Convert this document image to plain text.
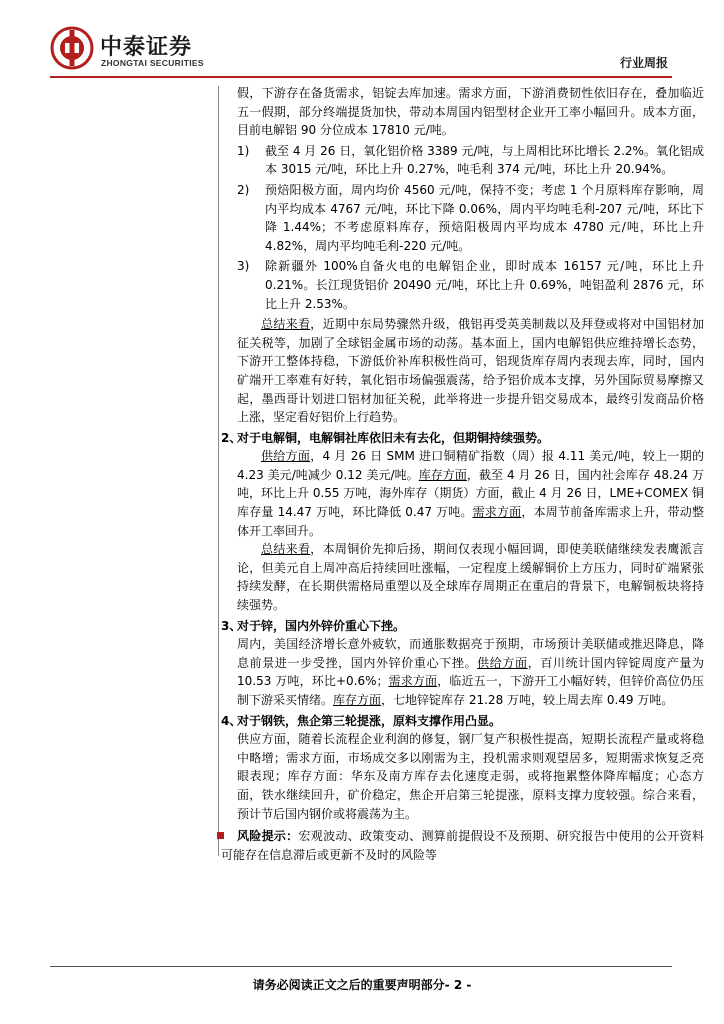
中泰证券
ZHONGTAI SECURITIES	行业周报

假，下游存在备货需求，铝锭去库加速。需求方面，下游消费韧性依旧存在，叠加临近五一假期，部分终端提货加快，带动本周国内铝型材企业开工率小幅回升。成本方面，目前电解铝 90 分位成本 17810 元/吨。

1) 截至 4 月 26 日，氧化铝价格 3389 元/吨，与上周相比环比增长 2.2%。氧化铝成本 3015 元/吨，环比上升 0.27%，吨毛利 374 元/吨，环比上升 20.94%。
2) 预焙阳极方面，周内均价 4560 元/吨，保持不变；考虑 1 个月原料库存影响，周内平均成本 4767 元/吨，环比下降 0.06%，周内平均吨毛利-207 元/吨，环比下降 1.44%；不考虑原料库存，预焙阳极周内平均成本 4780 元/吨，环比上升 4.82%，周内平均吨毛利-220 元/吨。
3) 除新疆外 100%自备火电的电解铝企业，即时成本 16157 元/吨，环比上升 0.21%。长江现货铝价 20490 元/吨，环比上升 0.69%，吨铝盈利 2876 元，环比上升 2.53%。

总结来看，近期中东局势骤然升级，俄铝再受英美制裁以及拜登或将对中国铝材加征关税等，加剧了全球铝金属市场的动荡。基本面上，国内电解铝供应维持增长态势，下游开工整体持稳，下游低价补库积极性尚可，铝现货库存周内表现去库，同时，国内矿端开工率难有好转，氧化铝市场偏强震荡，给予铝价成本支撑，另外国际贸易摩擦又起，墨西哥计划进口铝材加征关税，此举将进一步提升铝交易成本，最终引发商品价格上涨，坚定看好铝价上行趋势。

2、对于电解铜，电解铜社库依旧未有去化，但期铜持续强势。

供给方面，4 月 26 日 SMM 进口铜精矿指数（周）报 4.11 美元/吨，较上一期的 4.23 美元/吨减少 0.12 美元/吨。库存方面，截至 4 月 26 日，国内社会库存 48.24 万吨，环比上升 0.55 万吨，海外库存（期货）方面，截止 4 月 26 日，LME+COMEX 铜库存量 14.47 万吨，环比降低 0.47 万吨。需求方面，本周节前备库需求上升，带动整体开工率回升。

总结来看，本周铜价先抑后扬，期间仅表现小幅回调，即使美联储继续发表鹰派言论，但美元自上周冲高后持续回吐涨幅，一定程度上缓解铜价上方压力，同时矿端紧张持续发酵，在长期供需格局重塑以及全球库存周期正在重启的背景下，电解铜板块将持续强势。

3、对于锌，国内外锌价重心下挫。

周内，美国经济增长意外疲软，而通胀数据亮于预期，市场预计美联储或推迟降息，降息前景进一步受挫，国内外锌价重心下挫。供给方面，百川统计国内锌锭周度产量为 10.53 万吨，环比+0.6%；需求方面，临近五一，下游开工小幅好转，但锌价高位仍压制下游采买情绪。库存方面，七地锌锭库存 21.28 万吨，较上周去库 0.49 万吨。

4、对于钢铁，焦企第三轮提涨，原料支撑作用凸显。

供应方面，随着长流程企业利润的修复，钢厂复产积极性提高，短期长流程产量或将稳中略增；需求方面，市场成交多以刚需为主，投机需求则观望居多，短期需求恢复乏亮眼表现；库存方面：华东及南方库存去化速度走弱，或将拖累整体降库幅度；心态方面，铁水继续回升，矿价稳定，焦企开启第三轮提涨，原料支撑力度较强。综合来看，预计节后国内钢价或将震荡为主。

风险提示：宏观波动、政策变动、测算前提假设不及预期、研究报告中使用的公开资料可能存在信息滞后或更新不及时的风险等
请务必阅读正文之后的重要声明部分- 2 -
